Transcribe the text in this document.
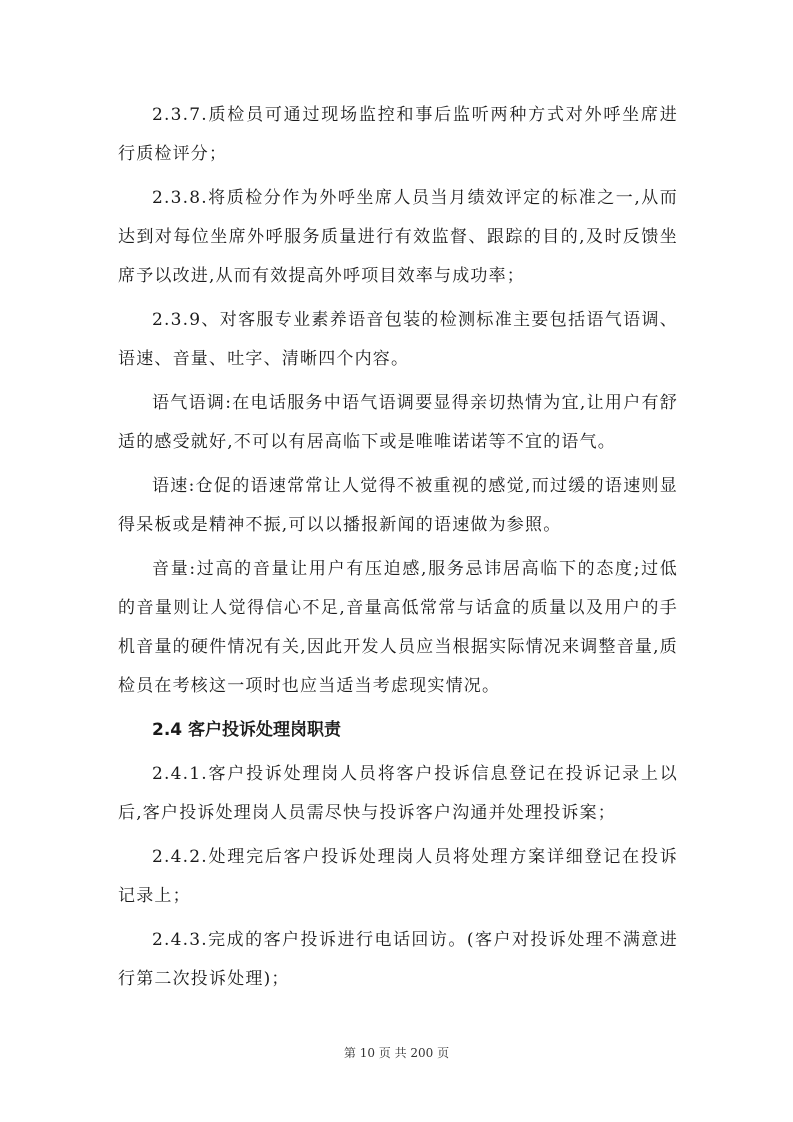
2.3.7.质检员可通过现场监控和事后监听两种方式对外呼坐席进行质检评分；

2.3.8.将质检分作为外呼坐席人员当月绩效评定的标准之一,从而达到对每位坐席外呼服务质量进行有效监督、跟踪的目的,及时反馈坐席予以改进,从而有效提高外呼项目效率与成功率；

2.3.9、对客服专业素养语音包装的检测标准主要包括语气语调、语速、音量、吐字、清晰四个内容。

语气语调:在电话服务中语气语调要显得亲切热情为宜,让用户有舒适的感受就好,不可以有居高临下或是唯唯诺诺等不宜的语气。

语速:仓促的语速常常让人觉得不被重视的感觉,而过缓的语速则显得呆板或是精神不振,可以以播报新闻的语速做为参照。

音量:过高的音量让用户有压迫感,服务忌讳居高临下的态度;过低的音量则让人觉得信心不足,音量高低常常与话盒的质量以及用户的手机音量的硬件情况有关,因此开发人员应当根据实际情况来调整音量,质检员在考核这一项时也应当适当考虑现实情况。

2.4 客户投诉处理岗职责

2.4.1.客户投诉处理岗人员将客户投诉信息登记在投诉记录上以后,客户投诉处理岗人员需尽快与投诉客户沟通并处理投诉案；

2.4.2.处理完后客户投诉处理岗人员将处理方案详细登记在投诉记录上；

2.4.3.完成的客户投诉进行电话回访。(客户对投诉处理不满意进行第二次投诉处理)；

第 10 页 共 200 页
